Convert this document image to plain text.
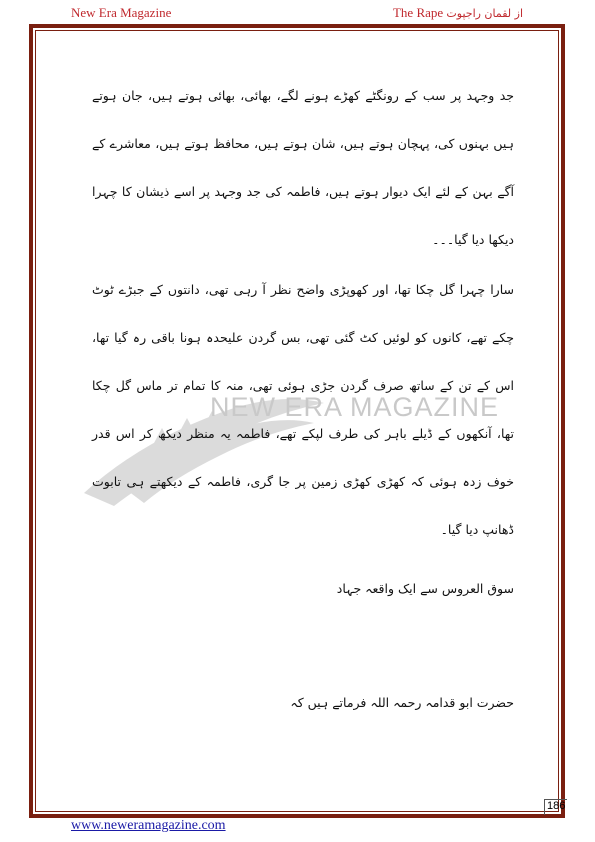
New Era Magazine	The Rape از لقمان راجپوت
NEW ERA MAGAZINE

جد وجہد پر سب کے رونگٹے کھڑے ہونے لگے، بھائی، بھائی ہوتے ہیں، جان ہوتے ہیں بہنوں کی، پہچان ہوتے ہیں، شان ہوتے ہیں، محافظ ہوتے ہیں، معاشرے کے آگے بہن کے لئے ایک دیوار ہوتے ہیں، فاطمہ کی جد وجہد پر اسے ذیشان کا چہرا دیکھا دیا گیا۔۔۔

سارا چہرا گل چکا تھا، اور کھوپڑی واضح نظر آ رہی تھی، دانتوں کے جبڑے ٹوٹ چکے تھے، کانوں کو لوئیں کٹ گئی تھی، بس گردن علیحدہ ہونا باقی رہ گیا تھا، اس کے تن کے ساتھ صرف گردن جڑی ہوئی تھی، منہ کا تمام تر ماس گل چکا تھا، آنکھوں کے ڈیلے باہر کی طرف لپکے تھے، فاطمہ یہ منظر دیکھ کر اس قدر خوف زدہ ہوئی کہ کھڑی کھڑی زمین پر جا گری، فاطمہ کے دیکھتے ہی تابوت ڈھانپ دیا گیا۔

سوق العروس سے ایک واقعہ جہاد
حضرت ابو قدامہ رحمہ اللہ فرماتے ہیں کہ
186
www.neweramagazine.com
